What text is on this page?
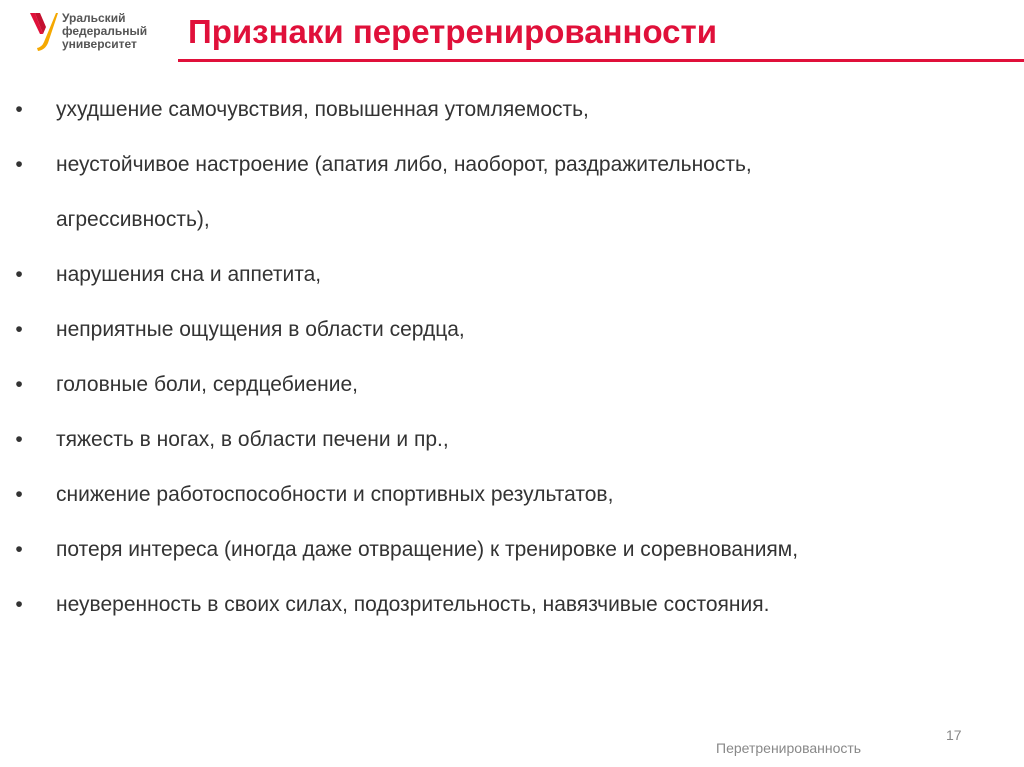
Уральский
федеральный
университет	Признаки перетренированности
• ухудшение самочувствия, повышенная утомляемость,
• неустойчивое настроение (апатия либо, наоборот, раздражительность,
агрессивность),
• нарушения сна и аппетита,
• неприятные ощущения в области сердца,
• головные боли, сердцебиение,
• тяжесть в ногах, в области печени и пр.,
• снижение работоспособности и спортивных результатов,
• потеря интереса (иногда даже отвращение) к тренировке и соревнованиям,
• неуверенность в своих силах, подозрительность, навязчивые состояния.
17
Перетренированность
